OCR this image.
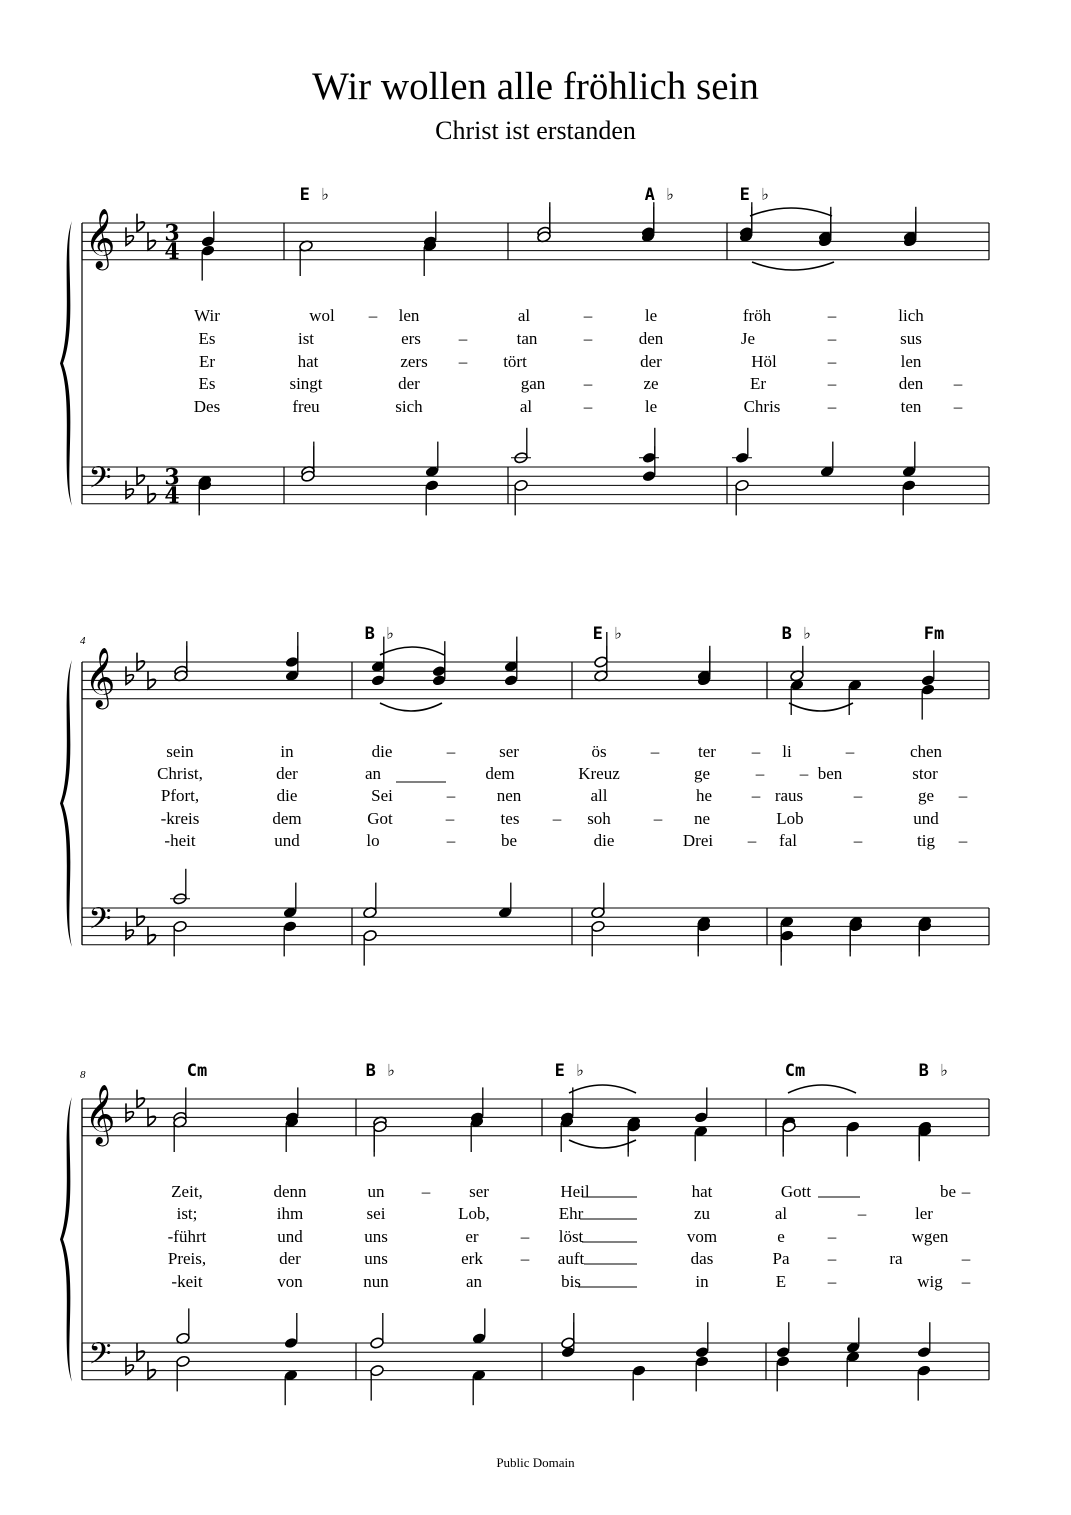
Wir wollen alle fröhlich sein
Christ ist erstanden
𝄞 3
4
𝄢 3
4
E ♭	A ♭	E ♭
Wir	wol – len	al	–	le	fröh	–	lich
Es	ist	ers –	tan	–	den	Je	–	sus
Er	hat	zers – tört	der	Höl	–	len
Es	singt	der	gan –	ze	Er	–	den –
Des	freu	sich	al	–	le	Chris	–	ten –
𝄞
𝄢
B ♭	E ♭	B ♭	Fm
4
sein	in	die	–	ser	ös	– ter – li	–	chen
Christ,	der	an	dem	Kreuz	ge	–	stor
–	ben
Pfort,	die	Sei	– nen	all	he – raus	–	ge –
-kreis	dem	Got	–	tes – soh	– ne	Lob	und
-heit	und	lo	–	be	die	Drei – fal	–	tig –
𝄞
𝄢
Cm	B ♭	E ♭	Cm	B ♭
8
Zeit,	denn	un – ser	Heil	hat	Gott	be –
ist;	ihm	sei	Lob,	Ehr	zu	al	–	ler
-führt	und	uns	er – löst	vom	e	–	wgen
Preis,	der	uns	erk – auft	das	Pa –	ra	–
-keit	von	nun	an	bis	in	E –	wig –
Public Domain
